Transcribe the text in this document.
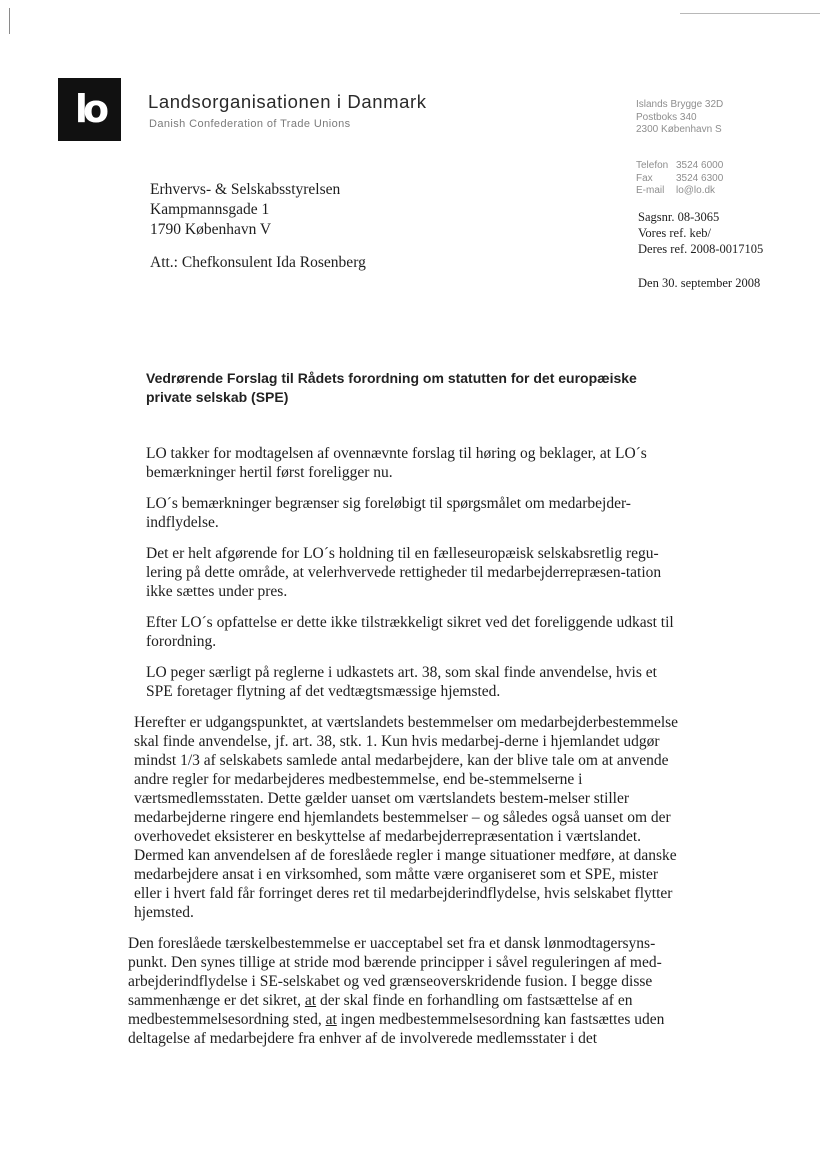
lo	Landsorganisationen i Danmark
Danish Confederation of Trade Unions
Islands Brygge 32D
Postboks 340
2300 København S
Telefon 3524 6000
Fax 3524 6300
E-mail lo@lo.dk
Erhvervs- & Selskabsstyrelsen
Kampmannsgade 1
1790 København V
Att.: Chefkonsulent Ida Rosenberg
Sagsnr. 08-3065
Vores ref. keb/
Deres ref. 2008-0017105
Den 30. september 2008
Vedrørende Forslag til Rådets forordning om statutten for det europæiske private selskab (SPE)

LO takker for modtagelsen af ovennævnte forslag til høring og beklager, at LO´s bemærkninger hertil først foreligger nu.

LO´s bemærkninger begrænser sig foreløbigt til spørgsmålet om medarbejder-indflydelse.

Det er helt afgørende for LO´s holdning til en fælleseuropæisk selskabsretlig regu-lering på dette område, at velerhvervede rettigheder til medarbejderrepræsen-tation ikke sættes under pres.

Efter LO´s opfattelse er dette ikke tilstrækkeligt sikret ved det foreliggende udkast til forordning.

LO peger særligt på reglerne i udkastets art. 38, som skal finde anvendelse, hvis et SPE foretager flytning af det vedtægtsmæssige hjemsted.

Herefter er udgangspunktet, at værtslandets bestemmelser om medarbejderbestemmelse skal finde anvendelse, jf. art. 38, stk. 1. Kun hvis medarbej-derne i hjemlandet udgør mindst 1/3 af selskabets samlede antal medarbejdere, kan der blive tale om at anvende andre regler for medarbejderes medbestemmelse, end be-stemmelserne i værtsmedlemsstaten. Dette gælder uanset om værtslandets bestem-melser stiller medarbejderne ringere end hjemlandets bestemmelser – og således også uanset om der overhovedet eksisterer en beskyttelse af medarbejderrepræsentation i værtslandet. Dermed kan anvendelsen af de foreslåede regler i mange situationer medføre, at danske medarbejdere ansat i en virksomhed, som måtte være organiseret som et SPE, mister eller i hvert fald får forringet deres ret til medarbejderindflydelse, hvis selskabet flytter hjemsted.

Den foreslåede tærskelbestemmelse er uacceptabel set fra et dansk lønmodtagersyns-punkt. Den synes tillige at stride mod bærende principper i såvel reguleringen af med-arbejderindflydelse i SE-selskabet og ved grænseoverskridende fusion. I begge disse sammenhænge er det sikret, at der skal finde en forhandling om fastsættelse af en medbestemmelsesordning sted, at ingen medbestemmelsesordning kan fastsættes uden deltagelse af medarbejdere fra enhver af de involverede medlemsstater i det
